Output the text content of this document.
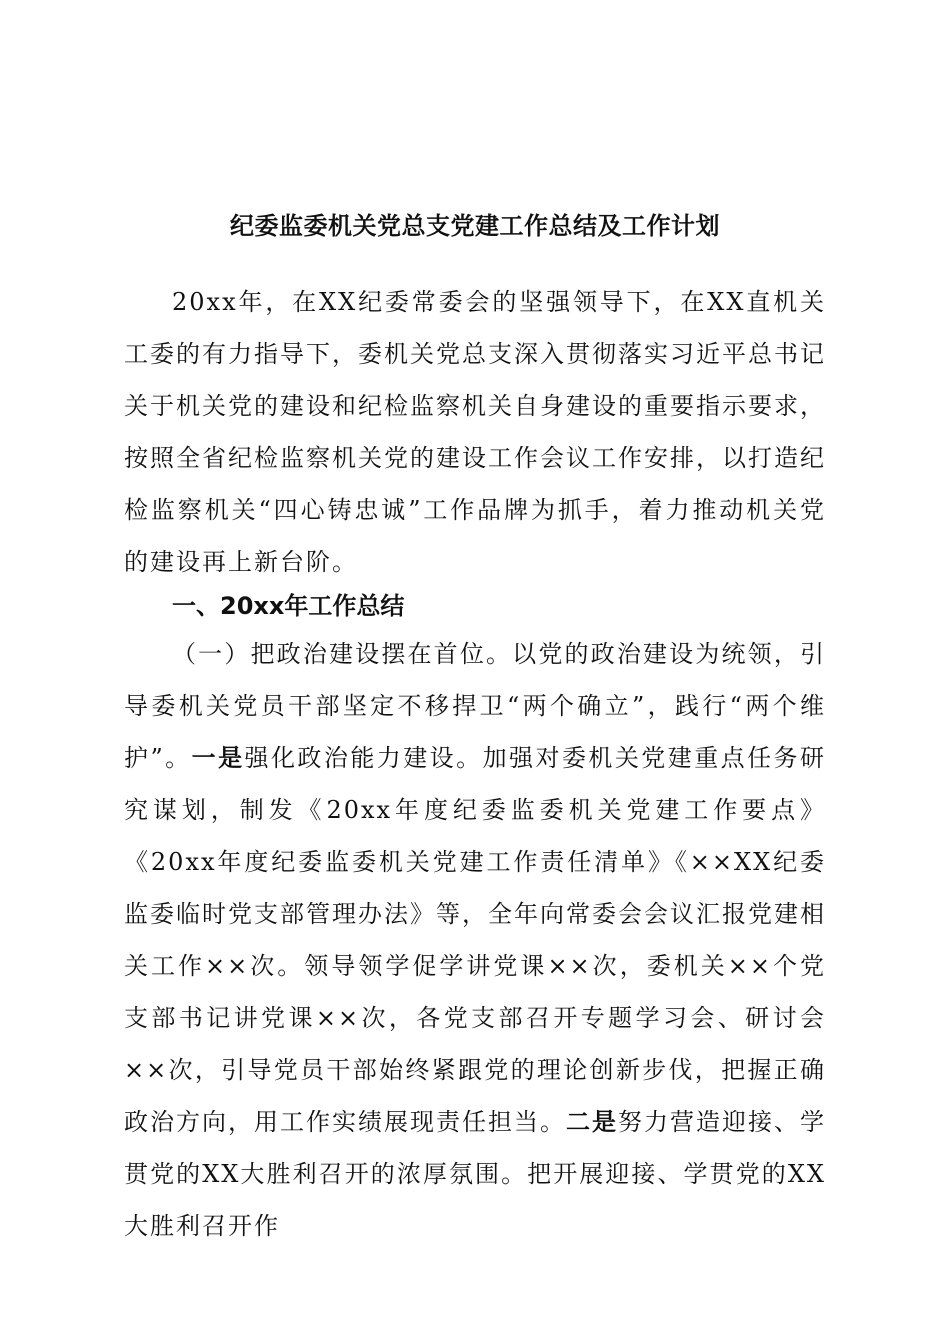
纪委监委机关党总支党建工作总结及工作计划
20xx年，在XX纪委常委会的坚强领导下，在XX直机关工委的有力指导下，委机关党总支深入贯彻落实习近平总书记关于机关党的建设和纪检监察机关自身建设的重要指示要求，按照全省纪检监察机关党的建设工作会议工作安排，以打造纪检监察机关“四心铸忠诚”工作品牌为抓手，着力推动机关党的建设再上新台阶。
一、20xx年工作总结
（一）把政治建设摆在首位。以党的政治建设为统领，引导委机关党员干部坚定不移捍卫“两个确立”，践行“两个维护”。一是强化政治能力建设。加强对委机关党建重点任务研究谋划，制发《20xx年度纪委监委机关党建工作要点》《20xx年度纪委监委机关党建工作责任清单》《××XX纪委监委临时党支部管理办法》等，全年向常委会会议汇报党建相关工作××次。领导领学促学讲党课××次，委机关××个党支部书记讲党课××次，各党支部召开专题学习会、研讨会××次，引导党员干部始终紧跟党的理论创新步伐，把握正确政治方向，用工作实绩展现责任担当。二是努力营造迎接、学贯党的XX大胜利召开的浓厚氛围。把开展迎接、学贯党的XX大胜利召开作
